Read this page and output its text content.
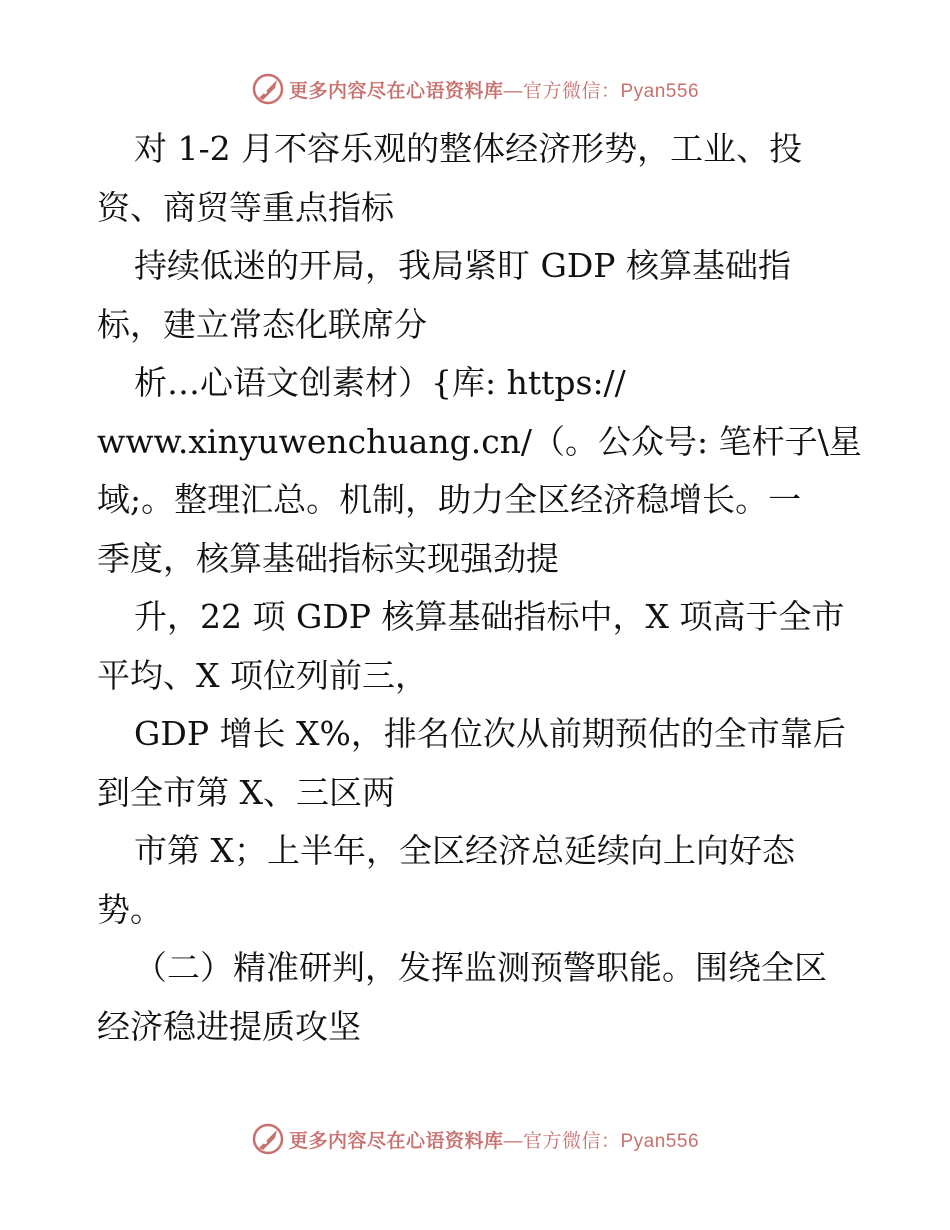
更多内容尽在心语资料库—官方微信：Pyan556
对 1-2 月不容乐观的整体经济形势，工业、投
资、商贸等重点指标
持续低迷的开局，我局紧盯 GDP 核算基础指
标，建立常态化联席分
析…心语文创素材）{库: https://
www.xinyuwenchuang.cn/（。公众号: 笔杆子\星
域;。整理汇总。机制，助力全区经济稳增长。一
季度，核算基础指标实现强劲提
升，22 项 GDP 核算基础指标中，X 项高于全市
平均、X 项位列前三，
GDP 增长 X%，排名位次从前期预估的全市靠后
到全市第 X、三区两
市第 X；上半年，全区经济总延续向上向好态
势。
（二）精准研判，发挥监测预警职能。围绕全区
经济稳进提质攻坚
更多内容尽在心语资料库—官方微信：Pyan556
